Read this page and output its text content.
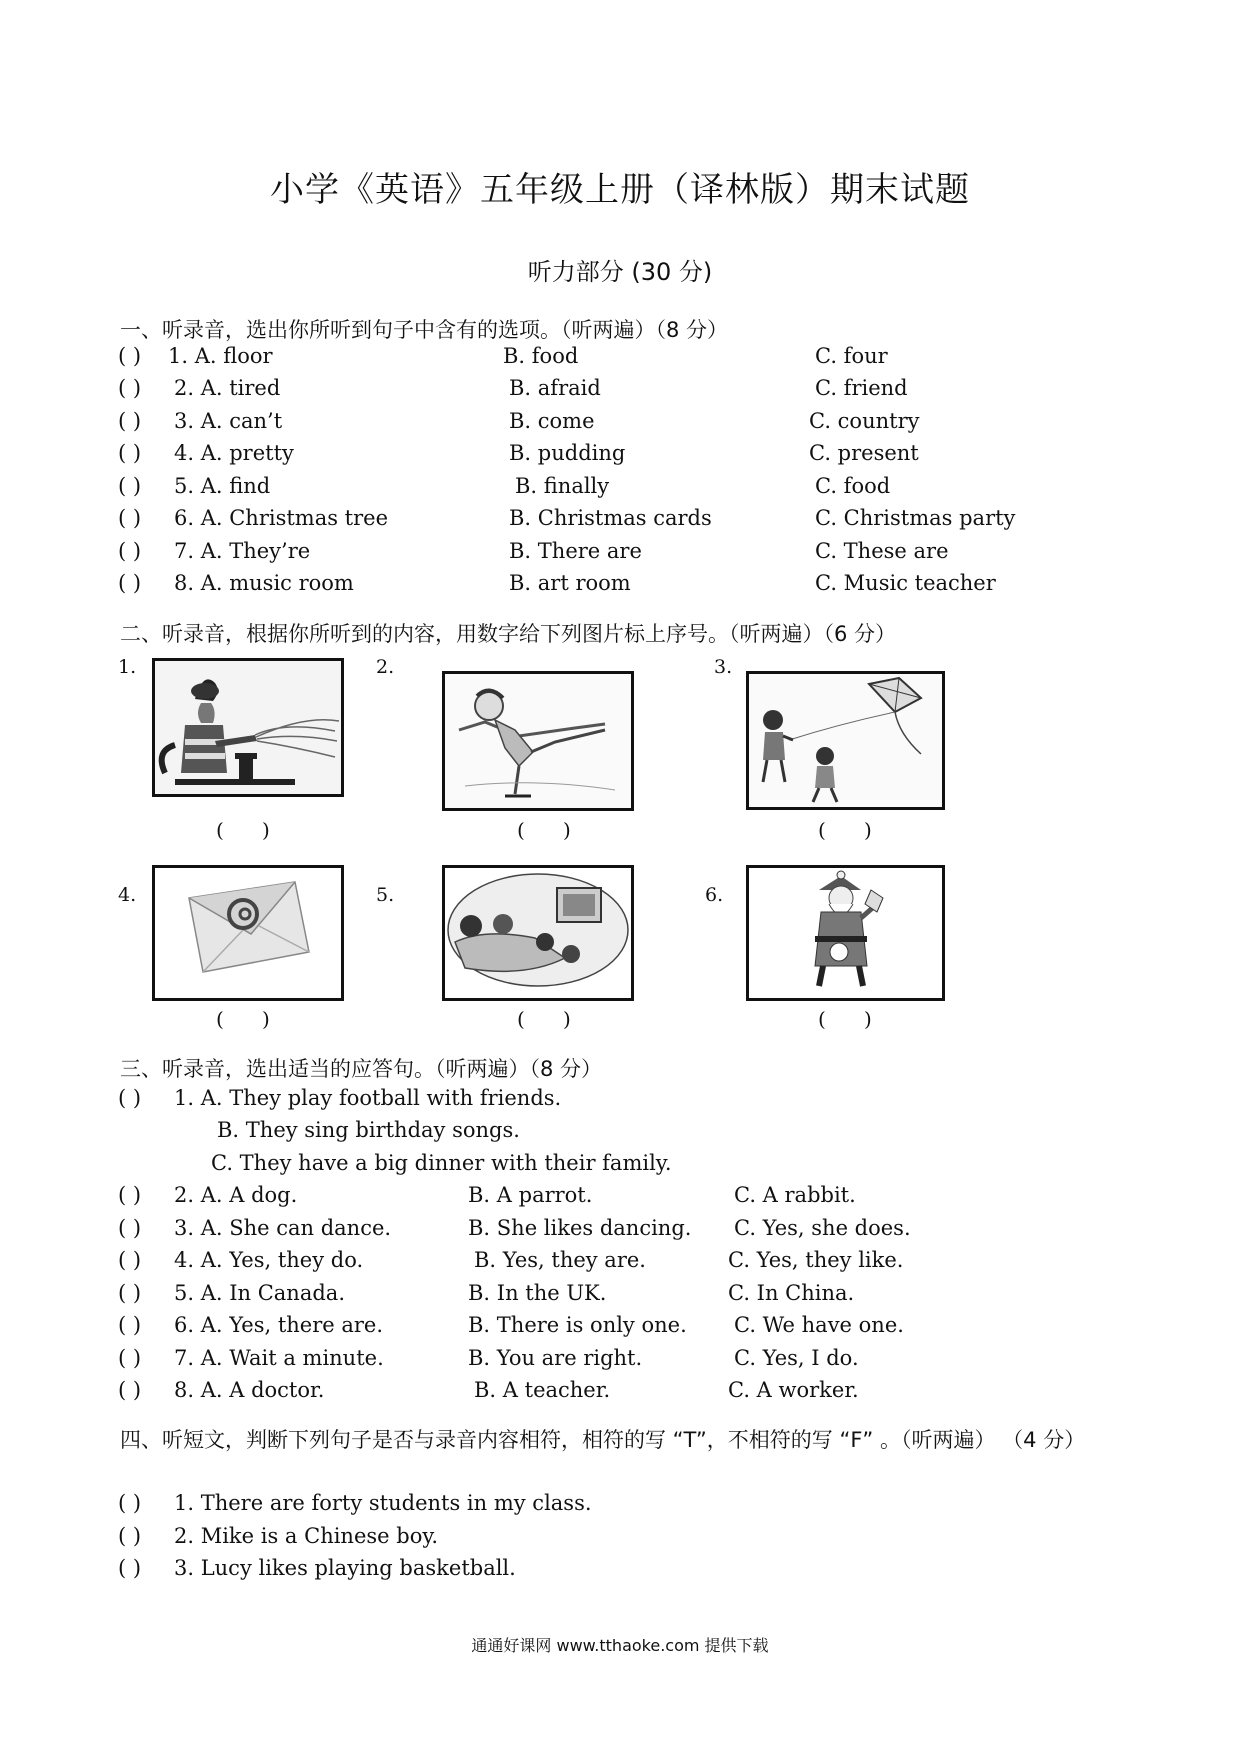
小学《英语》五年级上册（译林版）期末试题
听力部分 (30 分)
一、听录音，选出你所听到句子中含有的选项。（听两遍）（8 分）
( ) 1. A. floor	B. food	C. four
( ) 2. A. tired	B. afraid	C. friend
( ) 3. A. can’t	B. come	C. country
( ) 4. A. pretty	B. pudding	C. present
( ) 5. A. find	B. finally	C. food
( ) 6. A. Christmas tree	B. Christmas cards	C. Christmas party
( ) 7. A. They’re	B. There are	C. These are
( ) 8. A. music room	B. art room	C. Music teacher
二、听录音，根据你所听到的内容，用数字给下列图片标上序号。（听两遍）（6 分）
1.
(      )
2.
(      )
3.
(      )
4.
(      )
5.
(      )
6.
(      )
三、听录音，选出适当的应答句。（听两遍）（8 分）
( ) 1. A. They play football with friends.
B. They sing birthday songs.
C. They have a big dinner with their family.
( ) 2. A. A dog.	B. A parrot.	C. A rabbit.
( ) 3. A. She can dance.	B. She likes dancing. C. Yes, she does.
( ) 4. A. Yes, they do.	B. Yes, they are.	C. Yes, they like.
( ) 5. A. In Canada.	B. In the UK.	C. In China.
( ) 6. A. Yes, there are.	B. There is only one. C. We have one.
( ) 7. A. Wait a minute.	B. You are right.	C. Yes, I do.
( ) 8. A. A doctor.	B. A teacher.	C. A worker.
四、听短文，判断下列句子是否与录音内容相符，相符的写 “T”，不相符的写 “F” 。（听两遍） （4 分）
( ) 1. There are forty students in my class.
( ) 2. Mike is a Chinese boy.
( ) 3. Lucy likes playing basketball.
通通好课网 www.tthaoke.com 提供下载
